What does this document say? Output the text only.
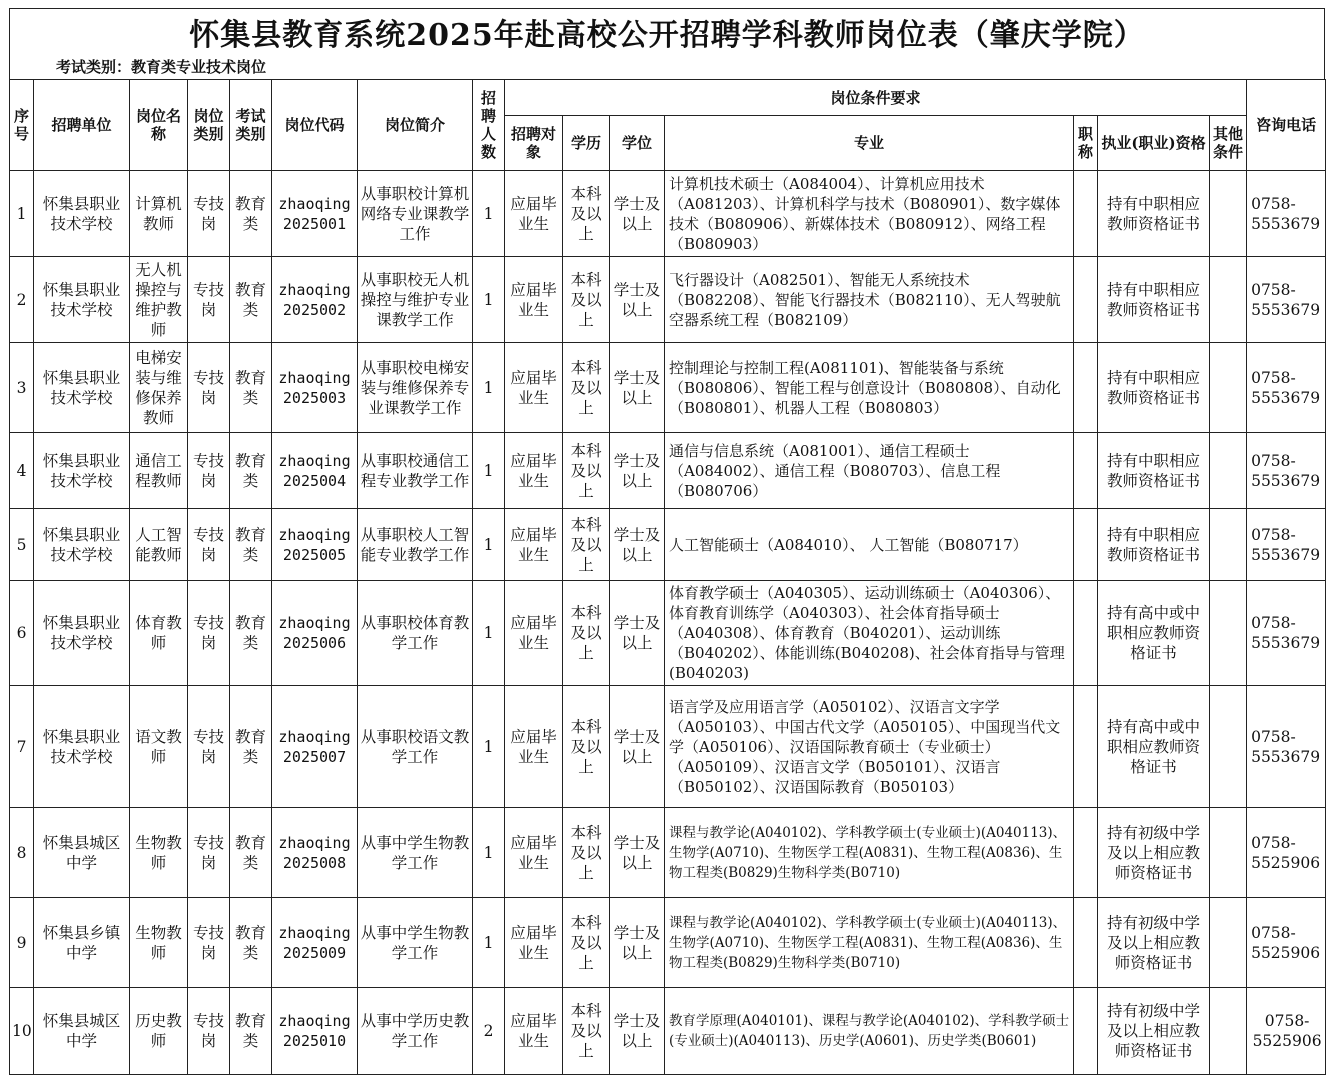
怀集县教育系统2025年赴高校公开招聘学科教师岗位表（肇庆学院）
考试类别：教育类专业技术岗位
序号	招聘单位	岗位名称	岗位类别	考试类别	岗位代码	岗位简介	招聘人数	岗位条件要求							咨询电话
								招聘对象	学历	学位	专业	职称	执业(职业)资格	其他条件	
1	怀集县职业技术学校	计算机教师	专技岗	教育类	zhaoqing 2025001	从事职校计算机网络专业课教学工作	1	应届毕业生	本科及以上	学士及以上	计算机技术硕士（A084004）、计算机应用技术（A081203）、计算机科学与技术（B080901）、数字媒体技术（B080906）、新媒体技术（B080912）、网络工程（B080903）		持有中职相应教师资格证书		0758-5553679
2	怀集县职业技术学校	无人机操控与维护教师	专技岗	教育类	zhaoqing 2025002	从事职校无人机操控与维护专业课教学工作	1	应届毕业生	本科及以上	学士及以上	飞行器设计（A082501）、智能无人系统技术（B082208）、智能飞行器技术（B082110）、无人驾驶航空器系统工程（B082109）		持有中职相应教师资格证书		0758-5553679
3	怀集县职业技术学校	电梯安装与维修保养教师	专技岗	教育类	zhaoqing 2025003	从事职校电梯安装与维修保养专业课教学工作	1	应届毕业生	本科及以上	学士及以上	控制理论与控制工程(A081101)、智能装备与系统（B080806）、智能工程与创意设计（B080808）、自动化（B080801）、机器人工程（B080803）		持有中职相应教师资格证书		0758-5553679
4	怀集县职业技术学校	通信工程教师	专技岗	教育类	zhaoqing 2025004	从事职校通信工程专业教学工作	1	应届毕业生	本科及以上	学士及以上	通信与信息系统（A081001）、通信工程硕士（A084002）、通信工程（B080703）、信息工程（B080706）		持有中职相应教师资格证书		0758-5553679
5	怀集县职业技术学校	人工智能教师	专技岗	教育类	zhaoqing 2025005	从事职校人工智能专业教学工作	1	应届毕业生	本科及以上	学士及以上	人工智能硕士（A084010）、 人工智能（B080717）		持有中职相应教师资格证书		0758-5553679
6	怀集县职业技术学校	体育教师	专技岗	教育类	zhaoqing 2025006	从事职校体育教学工作	1	应届毕业生	本科及以上	学士及以上	体育教学硕士（A040305）、运动训练硕士（A040306）、体育教育训练学（A040303）、社会体育指导硕士（A040308）、体育教育（B040201）、运动训练（B040202）、体能训练(B040208)、社会体育指导与管理(B040203)		持有高中或中职相应教师资格证书		0758-5553679
7	怀集县职业技术学校	语文教师	专技岗	教育类	zhaoqing 2025007	从事职校语文教学工作	1	应届毕业生	本科及以上	学士及以上	语言学及应用语言学（A050102）、汉语言文字学（A050103）、中国古代文学（A050105）、中国现当代文学（A050106）、汉语国际教育硕士（专业硕士）（A050109）、汉语言文学（B050101）、汉语言（B050102）、汉语国际教育（B050103）		持有高中或中职相应教师资格证书		0758-5553679
8	怀集县城区中学	生物教师	专技岗	教育类	zhaoqing 2025008	从事中学生物教学工作	1	应届毕业生	本科及以上	学士及以上	课程与教学论(A040102)、学科教学硕士(专业硕士)(A040113)、生物学(A0710)、生物医学工程(A0831)、生物工程(A0836)、生物工程类(B0829)生物科学类(B0710)		持有初级中学及以上相应教师资格证书		0758-5525906
9	怀集县乡镇中学	生物教师	专技岗	教育类	zhaoqing 2025009	从事中学生物教学工作	1	应届毕业生	本科及以上	学士及以上	课程与教学论(A040102)、学科教学硕士(专业硕士)(A040113)、生物学(A0710)、生物医学工程(A0831)、生物工程(A0836)、生物工程类(B0829)生物科学类(B0710)		持有初级中学及以上相应教师资格证书		0758-5525906
10	怀集县城区中学	历史教师	专技岗	教育类	zhaoqing 2025010	从事中学历史教学工作	2	应届毕业生	本科及以上	学士及以上	教育学原理(A040101)、课程与教学论(A040102)、学科教学硕士(专业硕士)(A040113)、历史学(A0601)、历史学类(B0601)		持有初级中学及以上相应教师资格证书		0758-5525906
